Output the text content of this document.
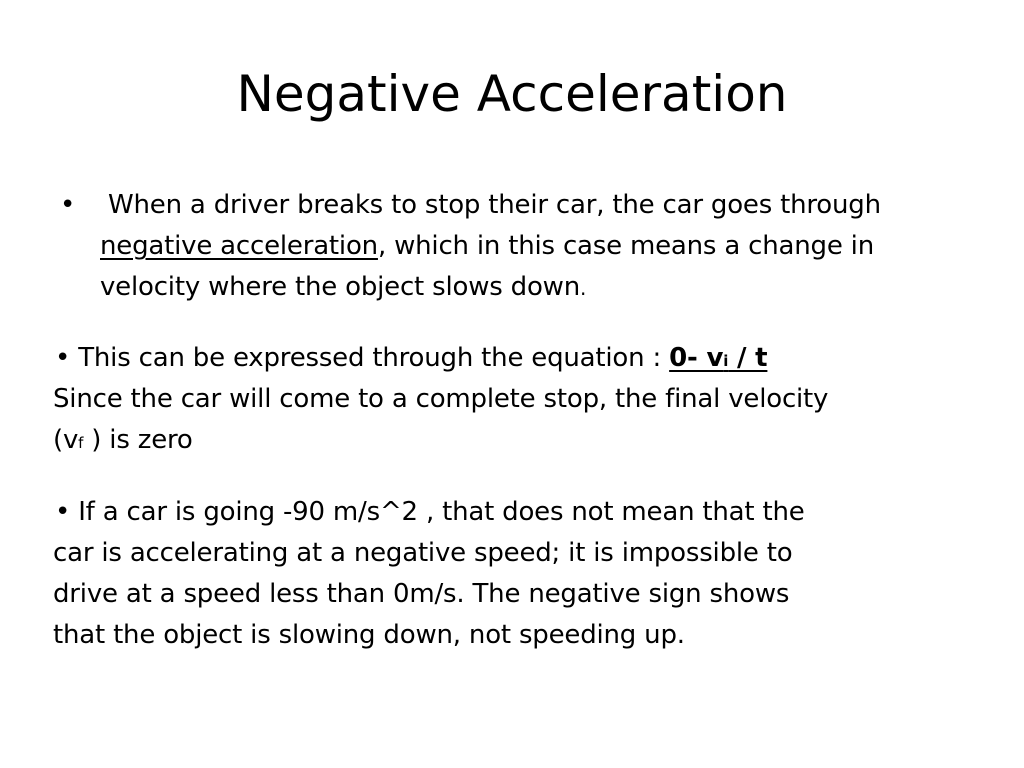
Negative Acceleration
• When a driver breaks to stop their car, the car goes through
negative acceleration, which in this case means a change in
velocity where the object slows down.
• This can be expressed through the equation : 0- vi / t
Since the car will come to a complete stop, the final velocity
(vf ) is zero
• If a car is going -90 m/s^2 , that does not mean that the
car is accelerating at a negative speed; it is impossible to
drive at a speed less than 0m/s. The negative sign shows
that the object is slowing down, not speeding up.
